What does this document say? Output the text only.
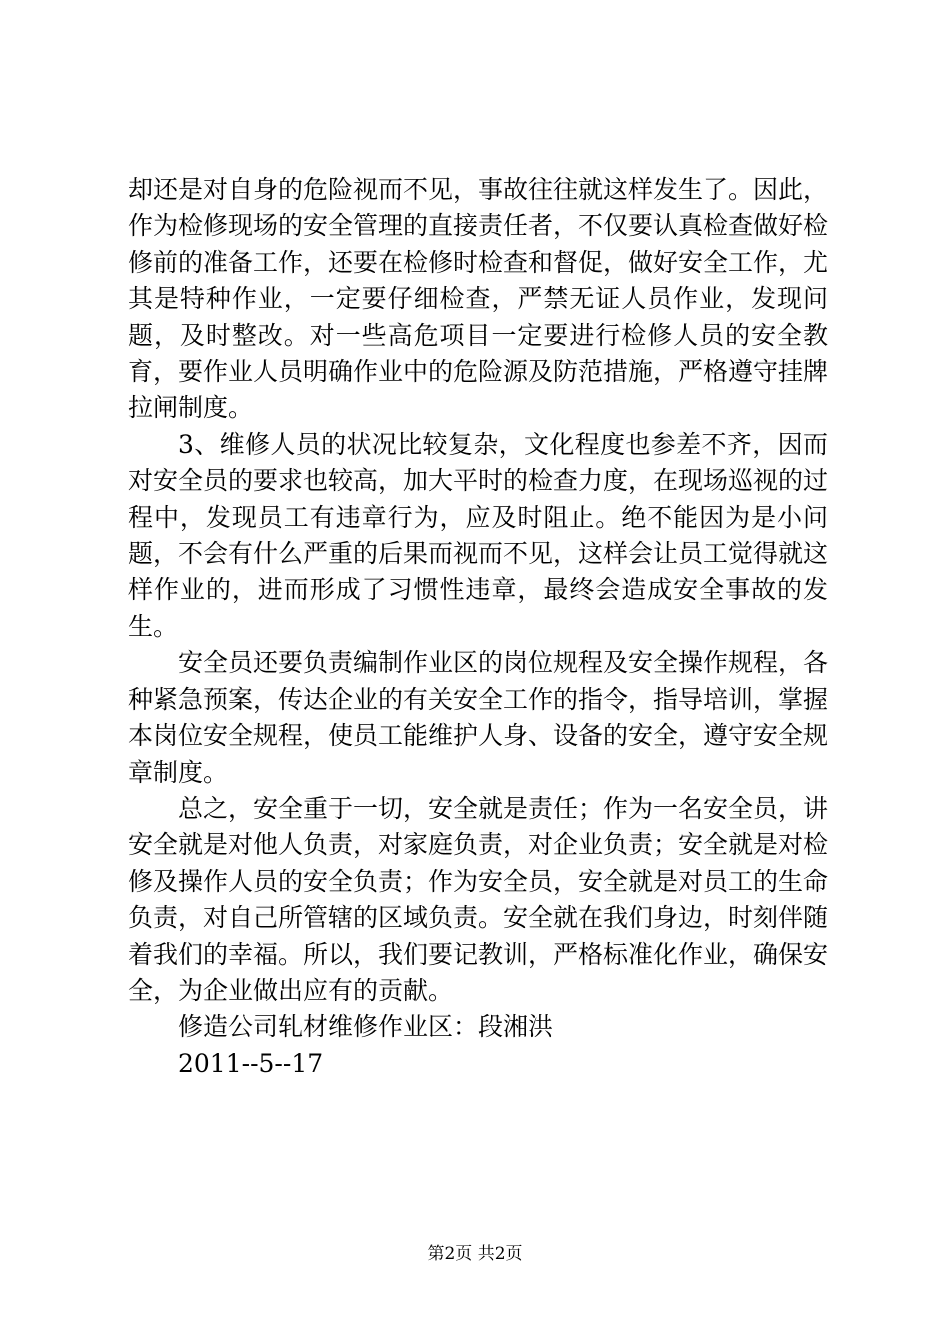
却还是对自身的危险视而不见，事故往往就这样发生了。因此，作为检修现场的安全管理的直接责任者，不仅要认真检查做好检修前的准备工作，还要在检修时检查和督促，做好安全工作，尤其是特种作业，一定要仔细检查，严禁无证人员作业，发现问题，及时整改。对一些高危项目一定要进行检修人员的安全教育，要作业人员明确作业中的危险源及防范措施，严格遵守挂牌拉闸制度。

3、维修人员的状况比较复杂，文化程度也参差不齐，因而对安全员的要求也较高，加大平时的检查力度，在现场巡视的过程中，发现员工有违章行为，应及时阻止。绝不能因为是小问题，不会有什么严重的后果而视而不见，这样会让员工觉得就这样作业的，进而形成了习惯性违章，最终会造成安全事故的发生。

安全员还要负责编制作业区的岗位规程及安全操作规程，各种紧急预案，传达企业的有关安全工作的指令，指导培训，掌握本岗位安全规程，使员工能维护人身、设备的安全，遵守安全规章制度。

总之，安全重于一切，安全就是责任；作为一名安全员，讲安全就是对他人负责，对家庭负责，对企业负责；安全就是对检修及操作人员的安全负责；作为安全员，安全就是对员工的生命负责，对自己所管辖的区域负责。安全就在我们身边，时刻伴随着我们的幸福。所以，我们要记教训，严格标准化作业，确保安全，为企业做出应有的贡献。

修造公司轧材维修作业区：段湘洪

2011--5--17

第2页 共2页
